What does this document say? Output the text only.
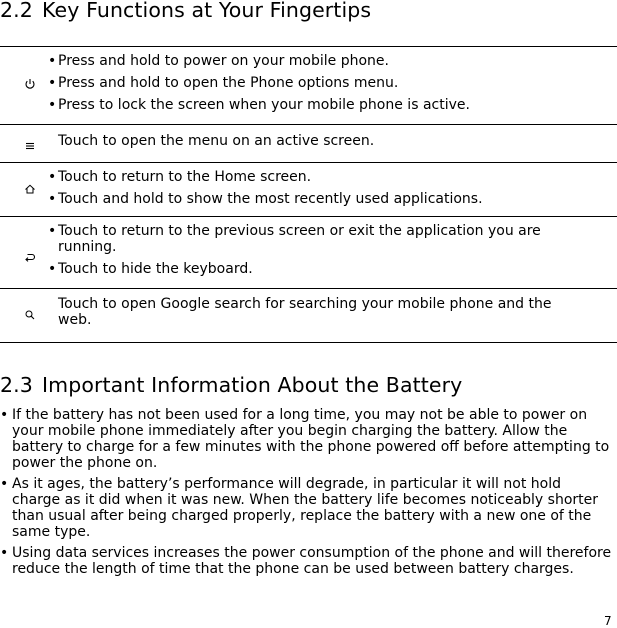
2.2 Key Functions at Your Fingertips

• Press and hold to power on your mobile phone.

• Press and hold to open the Phone options menu.

• Press to lock the screen when your mobile phone is active.

Touch to open the menu on an active screen.

• Touch to return to the Home screen.

• Touch and hold to show the most recently used applications.

• Touch to return to the previous screen or exit the application you are running.

• Touch to hide the keyboard.

Touch to open Google search for searching your mobile phone and the web.
2.3 Important Information About the Battery
• If the battery has not been used for a long time, you may not be able to power on your mobile phone immediately after you begin charging the battery. Allow the battery to charge for a few minutes with the phone powered off before attempting to power the phone on.
• As it ages, the battery’s performance will degrade, in particular it will not hold charge as it did when it was new. When the battery life becomes noticeably shorter than usual after being charged properly, replace the battery with a new one of the same type.
• Using data services increases the power consumption of the phone and will therefore reduce the length of time that the phone can be used between battery charges.
7
